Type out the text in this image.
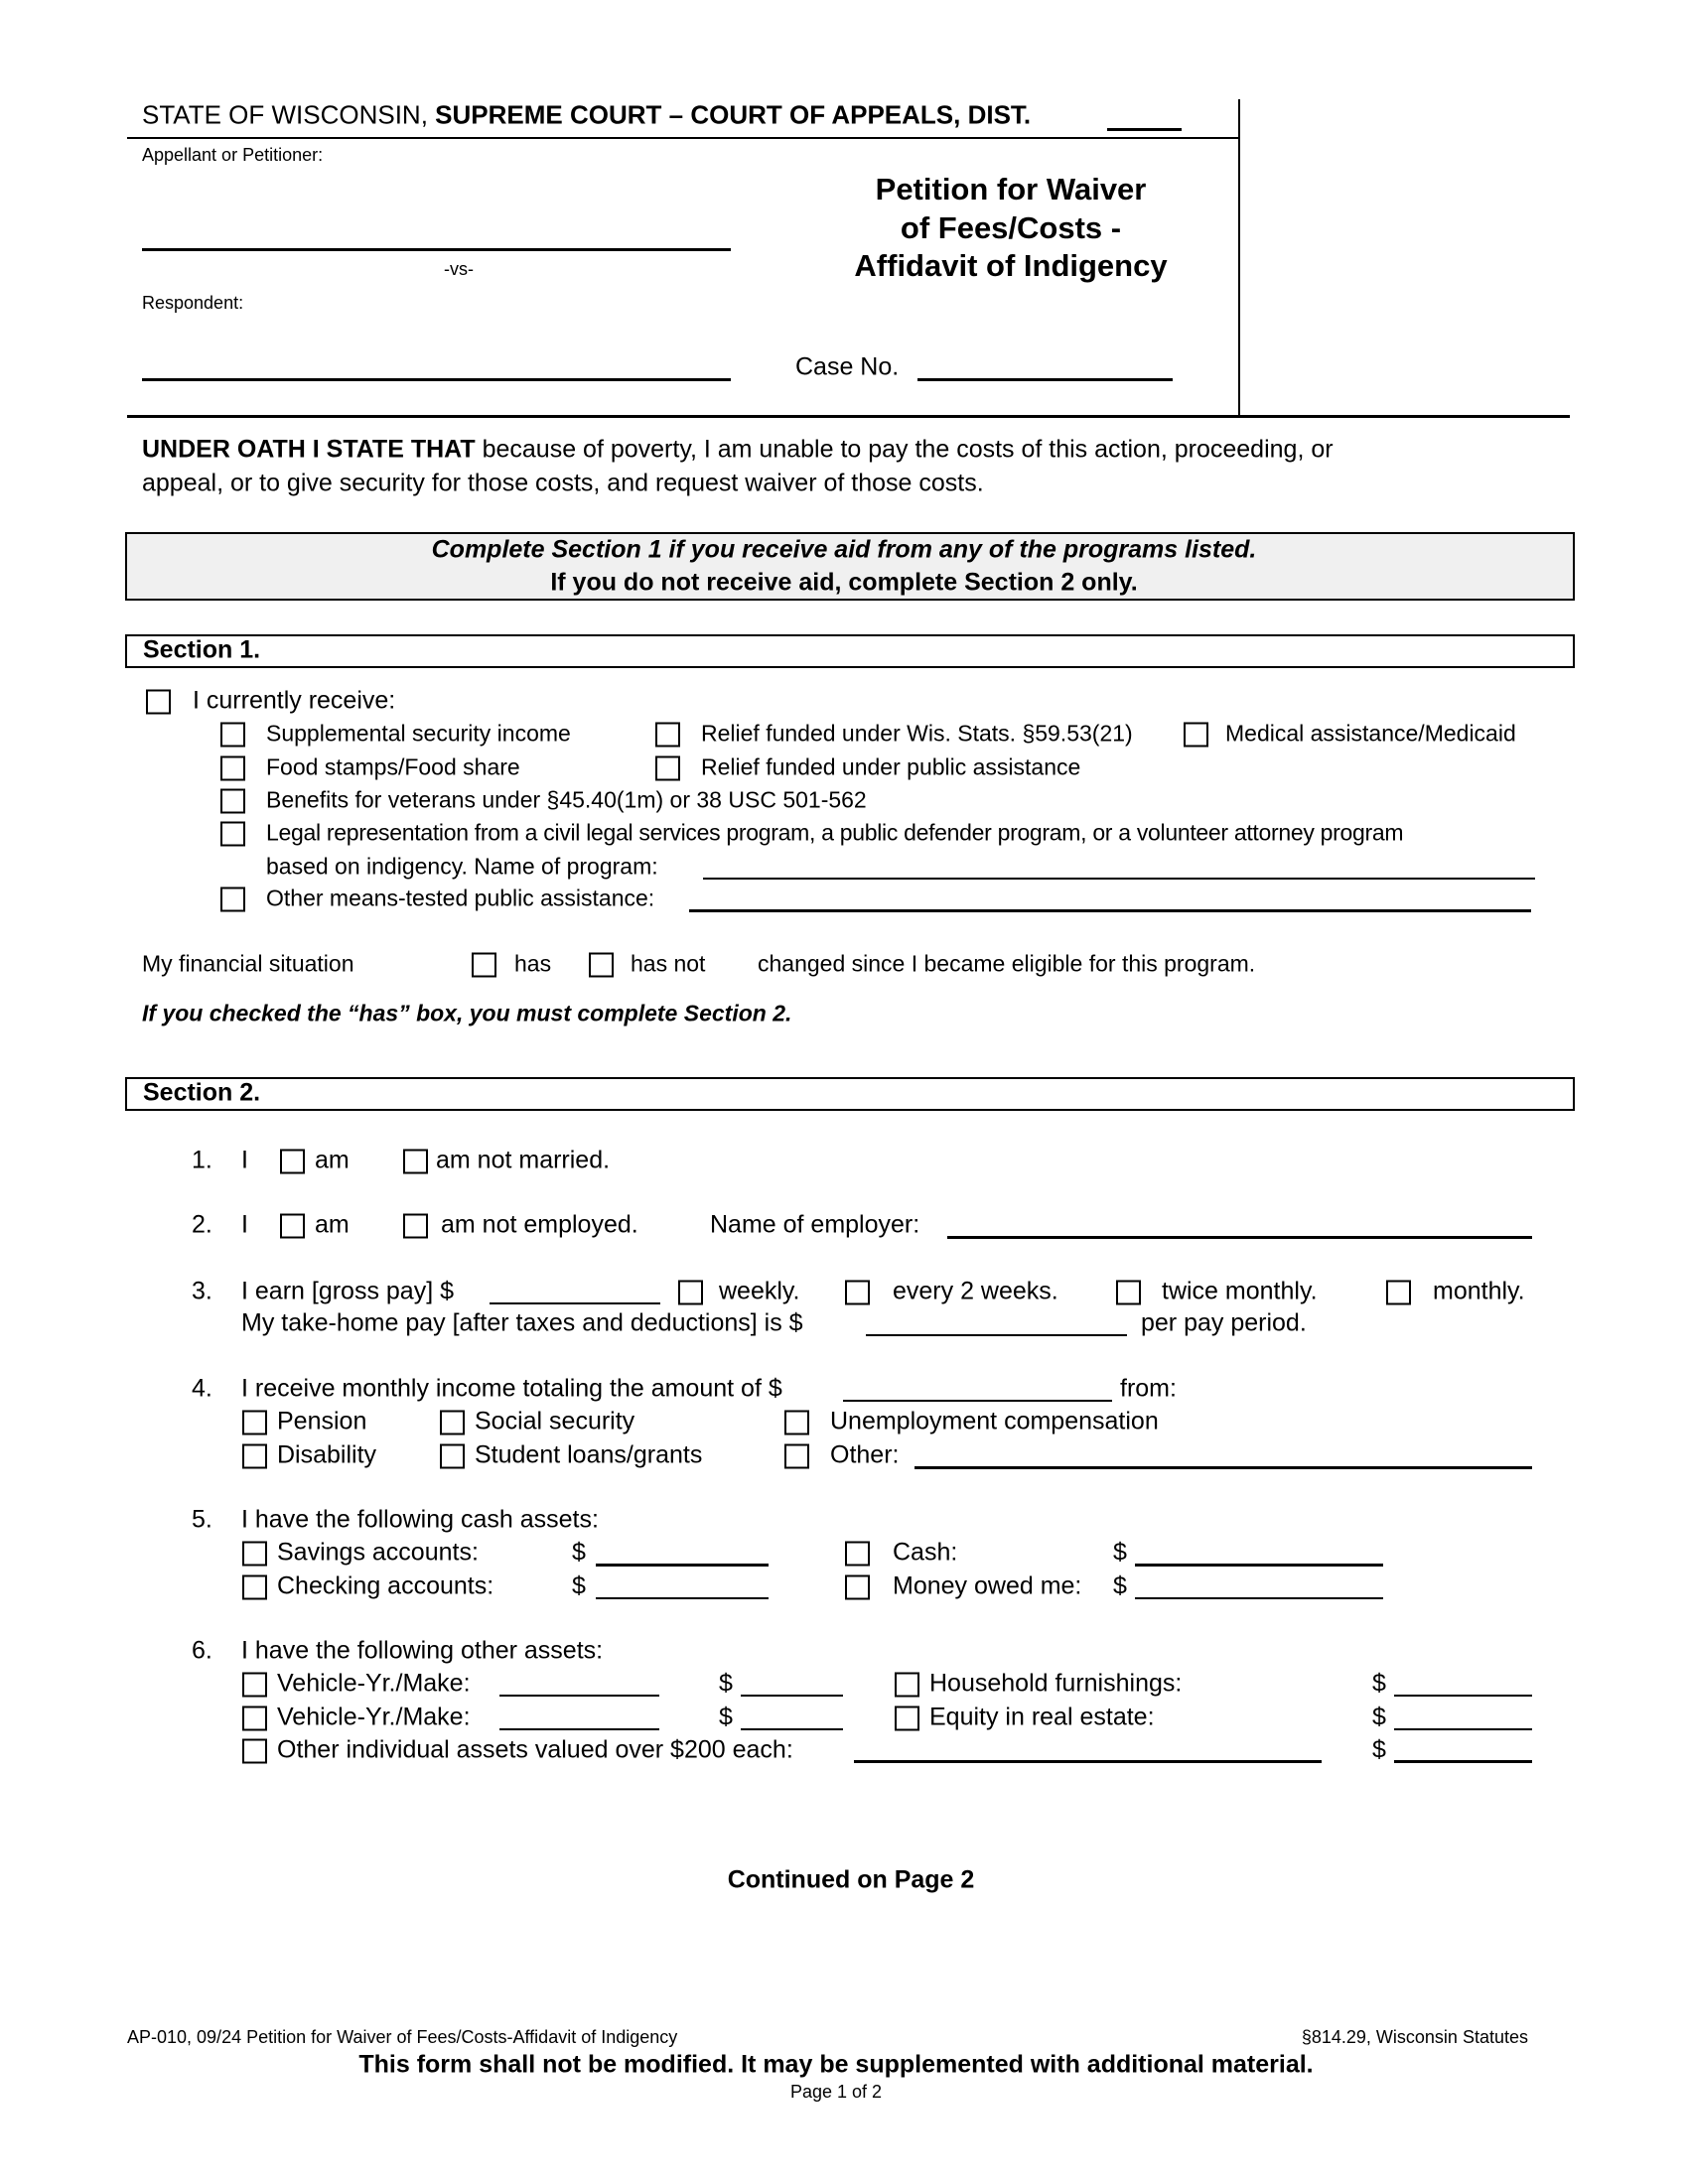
STATE OF WISCONSIN, SUPREME COURT – COURT OF APPEALS, DIST.
Appellant or Petitioner:
-vs-
Respondent:
Petition for Waiver
of Fees/Costs -
Affidavit of Indigency
Case No.
UNDER OATH I STATE THAT because of poverty, I am unable to pay the costs of this action, proceeding, or
appeal, or to give security for those costs, and request waiver of those costs.
Complete Section 1 if you receive aid from any of the programs listed.
If you do not receive aid, complete Section 2 only.
Section 1.
I currently receive:
Supplemental security income	Relief funded under Wis. Stats. §59.53(21)	Medical assistance/Medicaid
Food stamps/Food share	Relief funded under public assistance
Benefits for veterans under §45.40(1m) or 38 USC 501-562
Legal representation from a civil legal services program, a public defender program, or a volunteer attorney program
based on indigency. Name of program:
Other means-tested public assistance:
My financial situation	has	has not changed since I became eligible for this program.
If you checked the “has” box, you must complete Section 2.
Section 2.
1. I	am	am not married.
2. I	am	am not employed.	Name of employer:
3. I earn [gross pay] $	weekly.	every 2 weeks.	twice monthly.	monthly.
My take-home pay [after taxes and deductions] is $	per pay period.
4. I receive monthly income totaling the amount of $	from:
Pension	Social security	Unemployment compensation
Disability	Student loans/grants	Other:
5. I have the following cash assets:
Savings accounts:	$	Cash:	$
Checking accounts:	$	Money owed me: $
6. I have the following other assets:
Vehicle-Yr./Make:	$	Household furnishings:	$
Vehicle-Yr./Make:	$	Equity in real estate:	$
Other individual assets valued over $200 each:	$
Continued on Page 2
AP-010, 09/24 Petition for Waiver of Fees/Costs-Affidavit of Indigency	§814.29, Wisconsin Statutes
This form shall not be modified. It may be supplemented with additional material.
Page 1 of 2
